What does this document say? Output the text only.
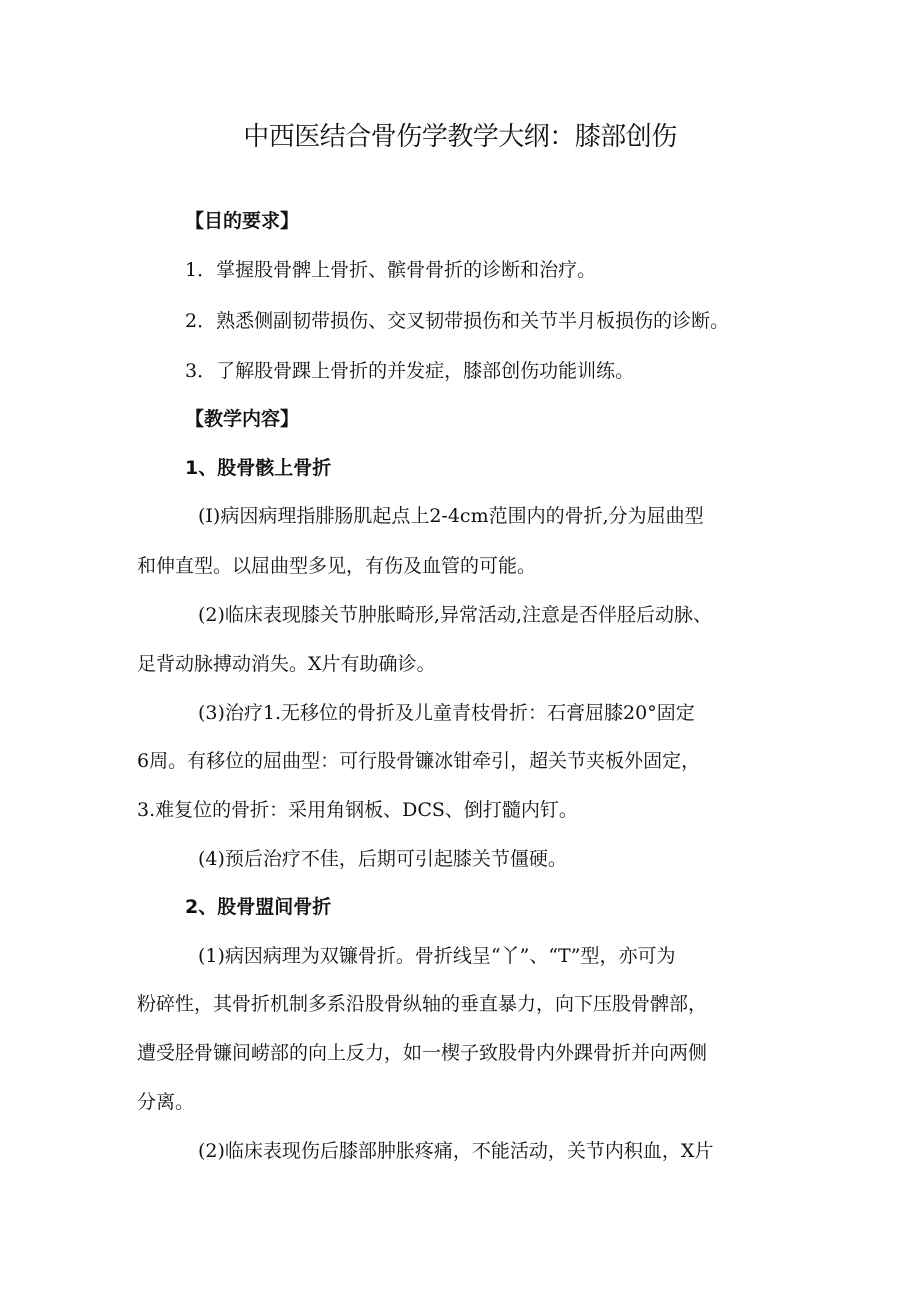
中西医结合骨伤学教学大纲：膝部创伤

【目的要求】

1．掌握股骨髀上骨折、髌骨骨折的诊断和治疗。

2．熟悉侧副韧带损伤、交叉韧带损伤和关节半月板损伤的诊断。

3．了解股骨踝上骨折的并发症，膝部创伤功能训练。

【教学内容】

1、股骨骸上骨折

(I)病因病理指腓肠肌起点上2-4cm范围内的骨折,分为屈曲型

和伸直型。以屈曲型多见，有伤及血管的可能。

(2)临床表现膝关节肿胀畸形,异常活动,注意是否伴胫后动脉、

足背动脉搏动消失。X片有助确诊。

(3)治疗1.无移位的骨折及儿童青枝骨折：石膏屈膝20°固定

6周。有移位的屈曲型：可行股骨镰冰钳牵引，超关节夹板外固定，

3.难复位的骨折：采用角钢板、DCS、倒打髓内钉。

(4)预后治疗不佳，后期可引起膝关节僵硬。

2、股骨盟间骨折

(1)病因病理为双镰骨折。骨折线呈“丫”、“T”型，亦可为

粉碎性，其骨折机制多系沿股骨纵轴的垂直暴力，向下压股骨髀部，

遭受胫骨镰间崂部的向上反力，如一楔子致股骨内外踝骨折并向两侧

分离。

(2)临床表现伤后膝部肿胀疼痛，不能活动，关节内积血，X片
